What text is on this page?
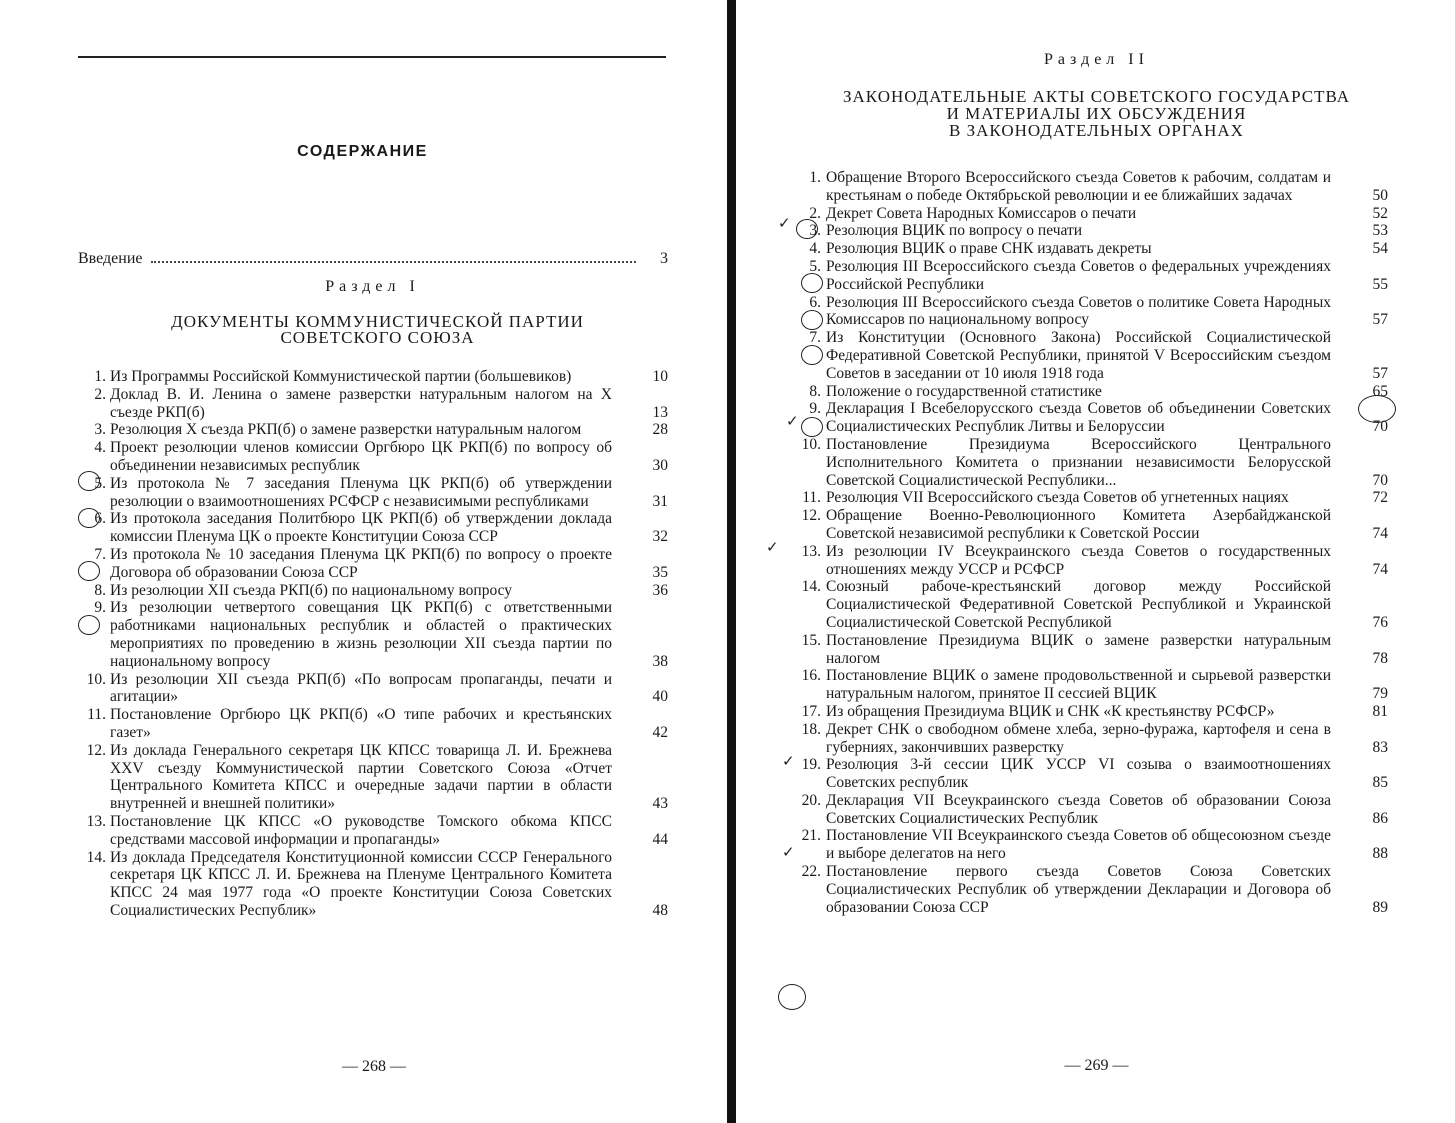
СОДЕРЖАНИЕ
Введение	3
Раздел I
ДОКУМЕНТЫ КОММУНИСТИЧЕСКОЙ ПАРТИИ
СОВЕТСКОГО СОЮЗА
1. Из Программы Российской Коммунистической партии (большевиков)	10
2. Доклад В. И. Ленина о замене разверстки натуральным налогом на X съезде РКП(б)	13
3. Резолюция X съезда РКП(б) о замене разверстки натуральным налогом	28
4. Проект резолюции членов комиссии Оргбюро ЦК РКП(б) по вопросу об объединении независимых республик	30
5. Из протокола № 7 заседания Пленума ЦК РКП(б) об утверждении резолюции о взаимоотношениях РСФСР с независимыми республиками	31
6. Из протокола заседания Политбюро ЦК РКП(б) об утверждении доклада комиссии Пленума ЦК о проекте Конституции Союза ССР	32
7. Из протокола № 10 заседания Пленума ЦК РКП(б) по вопросу о проекте Договора об образовании Союза ССР	35
8. Из резолюции XII съезда РКП(б) по национальному вопросу	36
9. Из резолюции четвертого совещания ЦК РКП(б) с ответственными работниками национальных республик и областей о практических мероприятиях по проведению в жизнь резолюции XII съезда партии по национальному вопросу	38
10. Из резолюции XII съезда РКП(б) «По вопросам пропаганды, печати и агитации»	40
11. Постановление Оргбюро ЦК РКП(б) «О типе рабочих и крестьянских газет»	42
12. Из доклада Генерального секретаря ЦК КПСС товарища Л. И. Брежнева XXV съезду Коммунистической партии Советского Союза «Отчет Центрального Комитета КПСС и очередные задачи партии в области внутренней и внешней политики»	43
13. Постановление ЦК КПСС «О руководстве Томского обкома КПСС средствами массовой информации и пропаганды»	44
14. Из доклада Председателя Конституционной комиссии СССР Генерального секретаря ЦК КПСС Л. И. Брежнева на Пленуме Центрального Комитета КПСС 24 мая 1977 года «О проекте Конституции Союза Советских Социалистических Республик»	48
— 268 —
Раздел II
ЗАКОНОДАТЕЛЬНЫЕ АКТЫ СОВЕТСКОГО ГОСУДАРСТВА
И МАТЕРИАЛЫ ИХ ОБСУЖДЕНИЯ
В ЗАКОНОДАТЕЛЬНЫХ ОРГАНАХ
1. Обращение Второго Всероссийского съезда Советов к рабочим, солдатам и крестьянам о победе Октябрьской революции и ее ближайших задачах	50
2. Декрет Совета Народных Комиссаров о печати	52
3. Резолюция ВЦИК по вопросу о печати	53
4. Резолюция ВЦИК о праве СНК издавать декреты	54
5. Резолюция III Всероссийского съезда Советов о федеральных учреждениях Российской Республики	55
6. Резолюция III Всероссийского съезда Советов о политике Совета Народных Комиссаров по национальному вопросу	57
7. Из Конституции (Основного Закона) Российской Социалистической Федеративной Советской Республики, принятой V Всероссийским съездом Советов в заседании от 10 июля 1918 года	57
8. Положение о государственной статистике	65
9. Декларация I Всебелорусского съезда Советов об объединении Советских Социалистических Республик Литвы и Белоруссии	70
10. Постановление Президиума Всероссийского Центрального Исполнительного Комитета о признании независимости Белорусской Советской Социалистической Республики...	70
11. Резолюция VII Всероссийского съезда Советов об угнетенных нациях	72
12. Обращение Военно-Революционного Комитета Азербайджанской Советской независимой республики к Советской России	74
13. Из резолюции IV Всеукраинского съезда Советов о государственных отношениях между УССР и РСФСР	74
14. Союзный рабоче-крестьянский договор между Российской Социалистической Федеративной Советской Республикой и Украинской Социалистической Советской Республикой	76
15. Постановление Президиума ВЦИК о замене разверстки натуральным налогом	78
16. Постановление ВЦИК о замене продовольственной и сырьевой разверстки натуральным налогом, принятое II сессией ВЦИК	79
17. Из обращения Президиума ВЦИК и СНК «К крестьянству РСФСР»	81
18. Декрет СНК о свободном обмене хлеба, зерно-фуража, картофеля и сена в губерниях, закончивших разверстку	83
19. Резолюция 3-й сессии ЦИК УССР VI созыва о взаимоотношениях Советских республик	85
20. Декларация VII Всеукраинского съезда Советов об образовании Союза Советских Социалистических Республик	86
21. Постановление VII Всеукраинского съезда Советов об общесоюзном съезде и выборе делегатов на него	88
22. Постановление первого съезда Советов Союза Советских Социалистических Республик об утверждении Декларации и Договора об образовании Союза ССР	89
✓
✓
✓
✓
✓
— 269 —
